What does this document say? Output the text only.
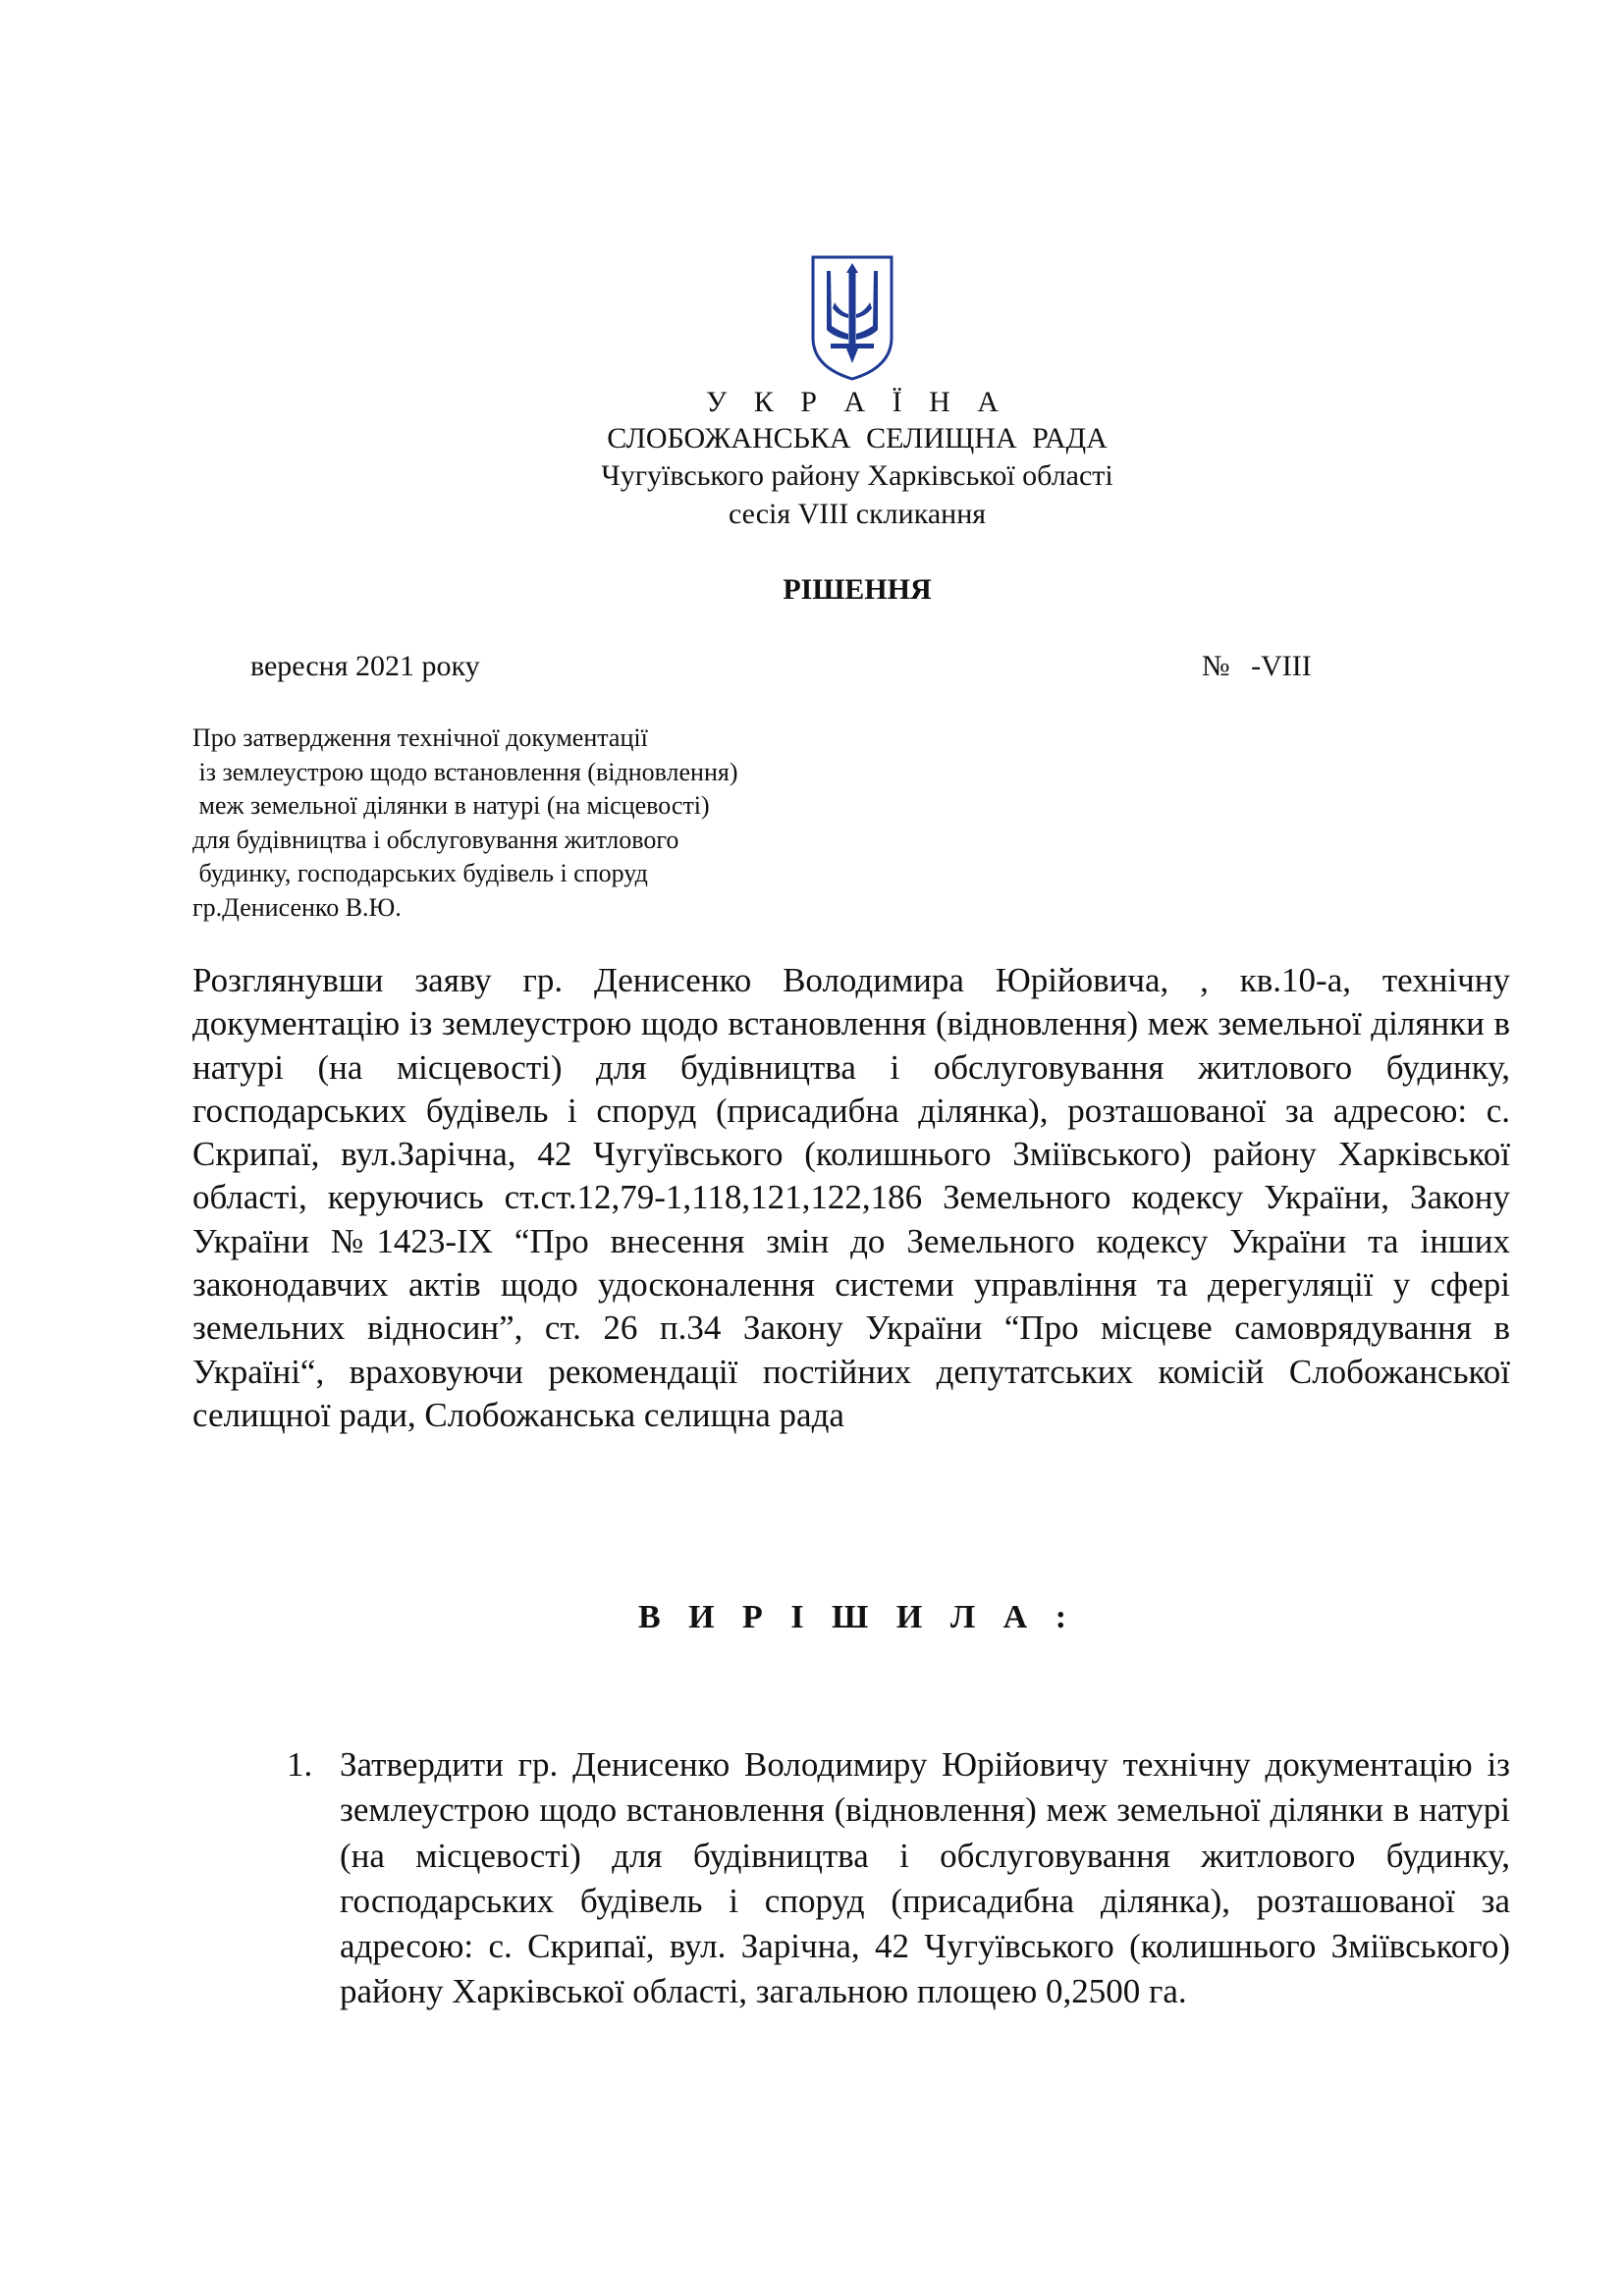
У К Р А Ї Н А
СЛОБОЖАНСЬКА СЕЛИЩНА РАДА
Чугуївського району Харківської області
сесія VIII скликання
РІШЕННЯ
вересня 2021 року	№ -VIII
Про затвердження технічної документації
із землеустрою щодо встановлення (відновлення)
меж земельної ділянки в натурі (на місцевості)
для будівництва і обслуговування житлового
будинку, господарських будівель і споруд
гр.Денисенко В.Ю.

Розглянувши заяву гр. Денисенко Володимира Юрійовича, , кв.10-а, технічну документацію із землеустрою щодо встановлення (відновлення) меж земельної ділянки в натурі (на місцевості) для будівництва і обслуговування житлового будинку, господарських будівель і споруд (присадибна ділянка), розташованої за адресою: с. Скрипаї, вул.Зарічна, 42 Чугуївського (колишнього Зміївського) району Харківської області, керуючись ст.ст.12,79-1,118,121,122,186 Земельного кодексу України, Закону України №1423-IX “Про внесення змін до Земельного кодексу України та інших законодавчих актів щодо удосконалення системи управління та дерегуляції у сфері земельних відносин”, ст. 26 п.34 Закону України “Про місцеве самоврядування в Україні“, враховуючи рекомендації постійних депутатських комісій Слобожанської селищної ради, Слобожанська селищна рада

В И Р І Ш И Л А :
1. Затвердити гр. Денисенко Володимиру Юрійовичу технічну документацію із землеустрою щодо встановлення (відновлення) меж земельної ділянки в натурі (на місцевості) для будівництва і обслуговування житлового будинку, господарських будівель і споруд (присадибна ділянка), розташованої за адресою: с. Скрипаї, вул. Зарічна, 42 Чугуївського (колишнього Зміївського) району Харківської області, загальною площею 0,2500 га.
